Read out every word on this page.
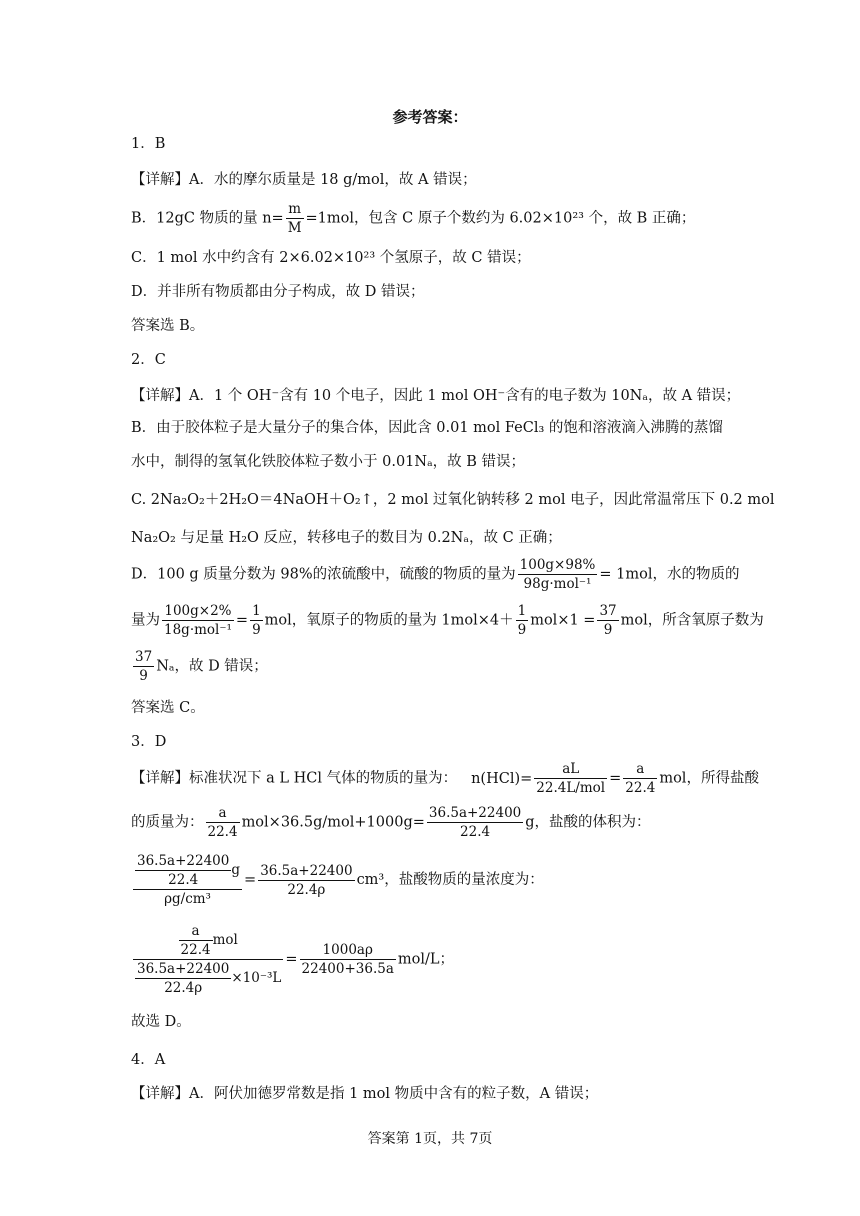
参考答案：
1．B
【详解】A．水的摩尔质量是 18 g/mol，故 A 错误；
B．12gC 物质的量 $n= \frac{m}{M} =1mol$，包含 C 原子个数约为 6.02×10²³ 个，故 B 正确；
C．1 mol 水中约含有 2×6.02×10²³ 个氢原子，故 C 错误；
D．并非所有物质都由分子构成，故 D 错误；
答案选 B。
2．C
【详解】A．1 个 OH⁻含有 10 个电子，因此 1 mol OH⁻含有的电子数为 10Nₐ，故 A 错误；
B．由于胶体粒子是大量分子的集合体，因此含 0.01 mol FeCl₃ 的饱和溶液滴入沸腾的蒸馏
水中，制得的氢氧化铁胶体粒子数小于 0.01Nₐ，故 B 错误；
C. 2Na₂O₂＋2H₂O＝4NaOH＋O₂↑，2 mol 过氧化钠转移 2 mol 电子，因此常温常压下 0.2 mol
Na₂O₂ 与足量 H₂O 反应，转移电子的数目为 0.2Nₐ，故 C 正确；
D．100 g 质量分数为 98%的浓硫酸中，硫酸的物质的量为 $\frac{100g\times 98\%}{\text{98g·mol⁻¹}} = 1mol$，水的物质的
量为 $\frac{100g\times 2\%}{\text{18g·mol⁻¹}} = \frac{1}{9}$ mol，氧原子的物质的量为 $1mol\times 4+ \frac{1}{9} mol\times 1 = \frac{37}{9}$ mol，所含氧原子数为
$\frac{37}{9}$ Nₐ，故 D 错误；
答案选 C。
3．D
【详解】标准状况下 a L HCl 气体的物质的量为： $n(HCl)= \frac{aL}{\text{22.4L/mol}} = \frac{a}{22.4}$ mol，所得盐酸
的质量为： $\frac{a}{22.4} mol\times 36.5g/mol+1000g= \frac{36.5a+22400}{22.4}$ g，盐酸的体积为：
$\frac{\frac{36.5a+22400}{22.4} g}{\text{ρg/cm³}} = \frac{36.5a+22400}{22.4\rho} cm^3$，盐酸物质的量浓度为：
$\frac{\frac{a}{22.4} mol}{\frac{36.5a+22400}{22.4\rho} \times 10^{-3}L} = \frac{1000a\rho}{22400+36.5a} mol/L$；
故选 D。
4．A
【详解】A．阿伏加德罗常数是指 1 mol 物质中含有的粒子数，A 错误；
答案第 1页，共 7页
